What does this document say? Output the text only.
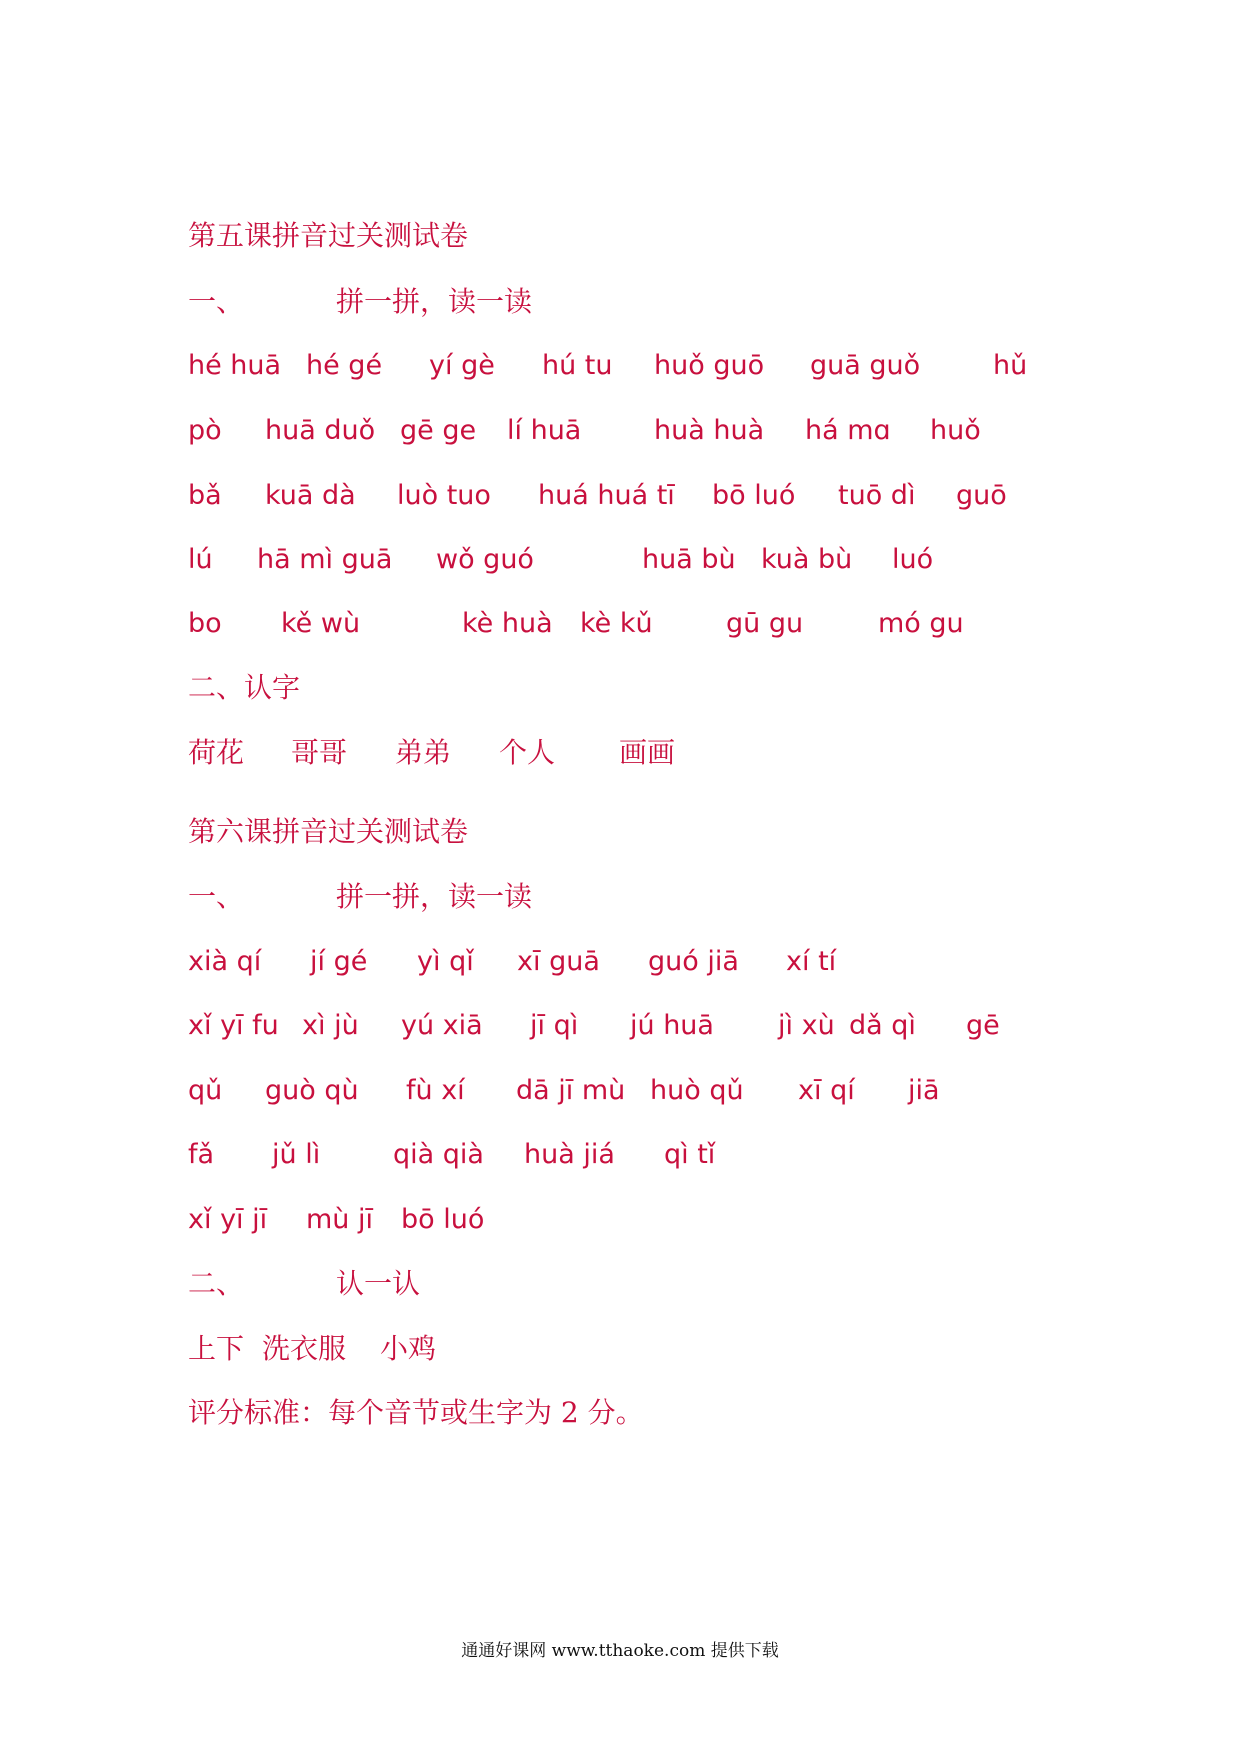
第五课拼音过关测试卷
一、	拼一拼，读一读
hé huā hé gé yí gè hú tu huǒ guō guā guǒ	hǔ
pò huā duǒ gē ge lí huā	huà huà há mɑ huǒ
bǎ kuā dà luò tuo huá huá tī bō luó tuō dì guō
lú hā mì guā wǒ guó	huā bù kuà bù luó
bo kě wù	kè huà kè kǔ	gū gu	mó gu
二、认字
荷花 哥哥 弟弟 个人 画画
第六课拼音过关测试卷
一、	拼一拼，读一读
xià qí jí gé yì qǐ xī guā guó jiā xí tí
xǐ yī fu xì jù yú xiā jī qì jú huā jì xù dǎ qì gē
qǔ guò qù fù xí dā jī mù huò qǔ xī qí jiā
fǎ jǔ lì	qià qià huà jiá qì tǐ
xǐ yī jī mù jī bō luó
二、	认一认
上下 洗衣服 小鸡
评分标准：每个音节或生字为 2 分。
通通好课网 www.tthaoke.com 提供下载
